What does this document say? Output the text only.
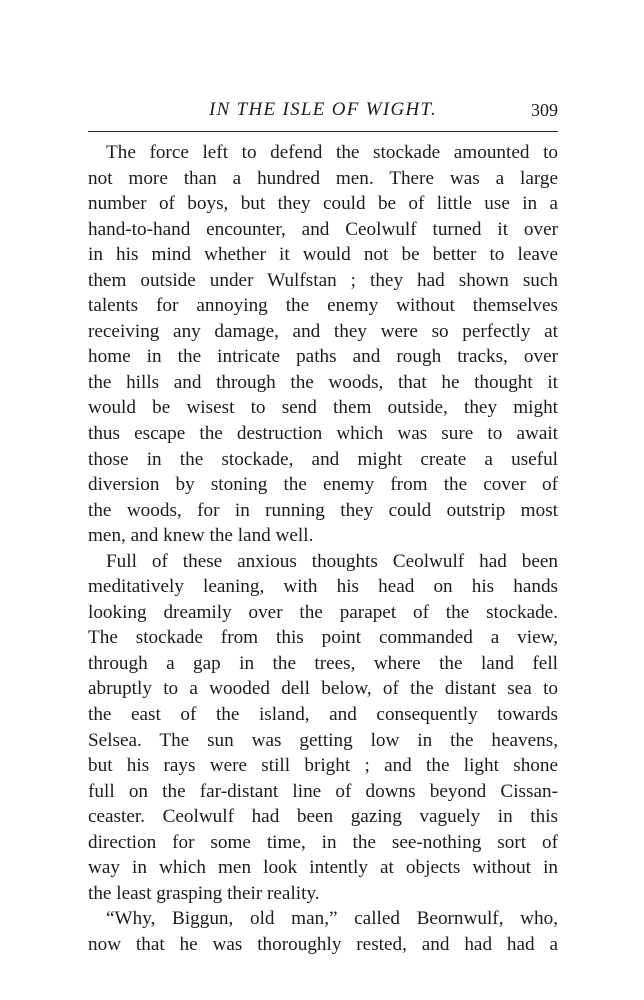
IN THE ISLE OF WIGHT.	309
The force left to defend the stockade amounted to
not more than a hundred men. There was a large
number of boys, but they could be of little use in a
hand-to-hand encounter, and Ceolwulf turned it over
in his mind whether it would not be better to leave
them outside under Wulfstan ; they had shown such
talents for annoying the enemy without themselves
receiving any damage, and they were so perfectly at
home in the intricate paths and rough tracks, over
the hills and through the woods, that he thought it
would be wisest to send them outside, they might
thus escape the destruction which was sure to await
those in the stockade, and might create a useful
diversion by stoning the enemy from the cover of
the woods, for in running they could outstrip most
men, and knew the land well.
Full of these anxious thoughts Ceolwulf had been
meditatively leaning, with his head on his hands
looking dreamily over the parapet of the stockade.
The stockade from this point commanded a view,
through a gap in the trees, where the land fell
abruptly to a wooded dell below, of the distant sea to
the east of the island, and consequently towards
Selsea. The sun was getting low in the heavens,
but his rays were still bright ; and the light shone
full on the far-distant line of downs beyond Cissan-
ceaster. Ceolwulf had been gazing vaguely in this
direction for some time, in the see-nothing sort of
way in which men look intently at objects without in
the least grasping their reality.
“Why, Biggun, old man,” called Beornwulf, who,
now that he was thoroughly rested, and had had a
